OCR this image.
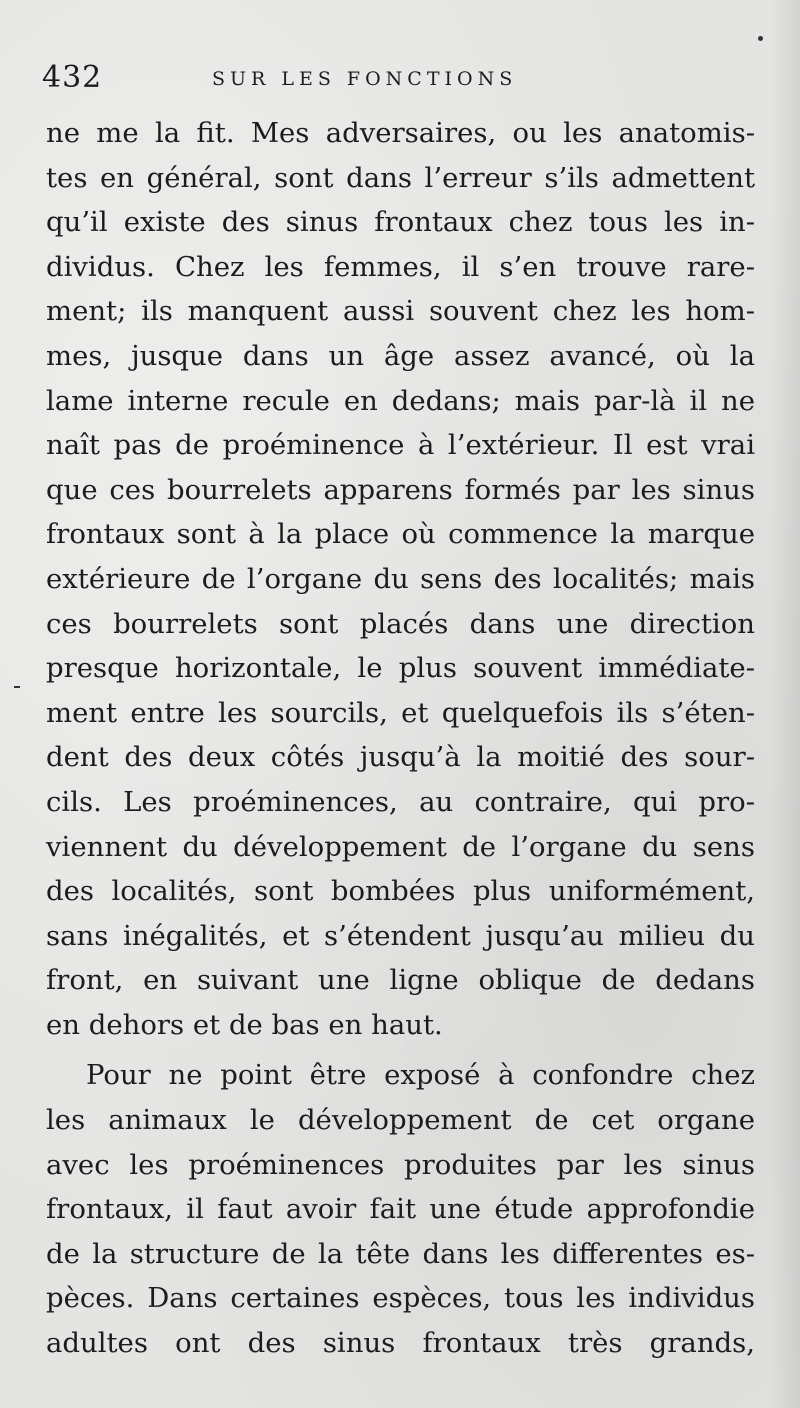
432	SUR LES FONCTIONS
ne me la fit. Mes adversaires, ou les anatomis-
tes en général, sont dans l’erreur s’ils admettent
qu’il existe des sinus frontaux chez tous les in-
dividus. Chez les femmes, il s’en trouve rare-
ment; ils manquent aussi souvent chez les hom-
mes, jusque dans un âge assez avancé, où la
lame interne recule en dedans; mais par-là il ne
naît pas de proéminence à l’extérieur. Il est vrai
que ces bourrelets apparens formés par les sinus
frontaux sont à la place où commence la marque
extérieure de l’organe du sens des localités; mais
ces bourrelets sont placés dans une direction
presque horizontale, le plus souvent immédiate-
ment entre les sourcils, et quelquefois ils s’éten-
dent des deux côtés jusqu’à la moitié des sour-
cils. Les proéminences, au contraire, qui pro-
viennent du développement de l’organe du sens
des localités, sont bombées plus uniformément,
sans inégalités, et s’étendent jusqu’au milieu du
front, en suivant une ligne oblique de dedans
en dehors et de bas en haut.
Pour ne point être exposé à confondre chez
les animaux le développement de cet organe
avec les proéminences produites par les sinus
frontaux, il faut avoir fait une étude approfondie
de la structure de la tête dans les differentes es-
pèces. Dans certaines espèces, tous les individus
adultes ont des sinus frontaux très grands,
